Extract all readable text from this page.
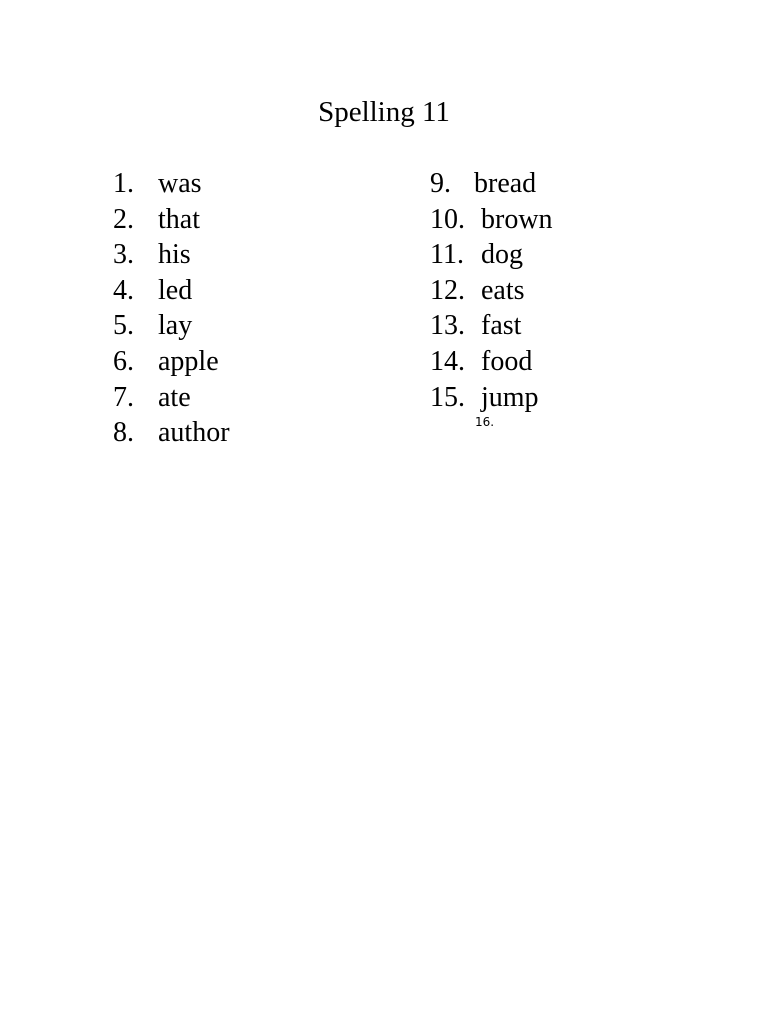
Spelling 11
1. was
2. that
3. his
4. led
5. lay
6. apple
7. ate
8. author
9. bread
10. brown
11. dog
12. eats
13. fast
14. food
15. jump
16.
